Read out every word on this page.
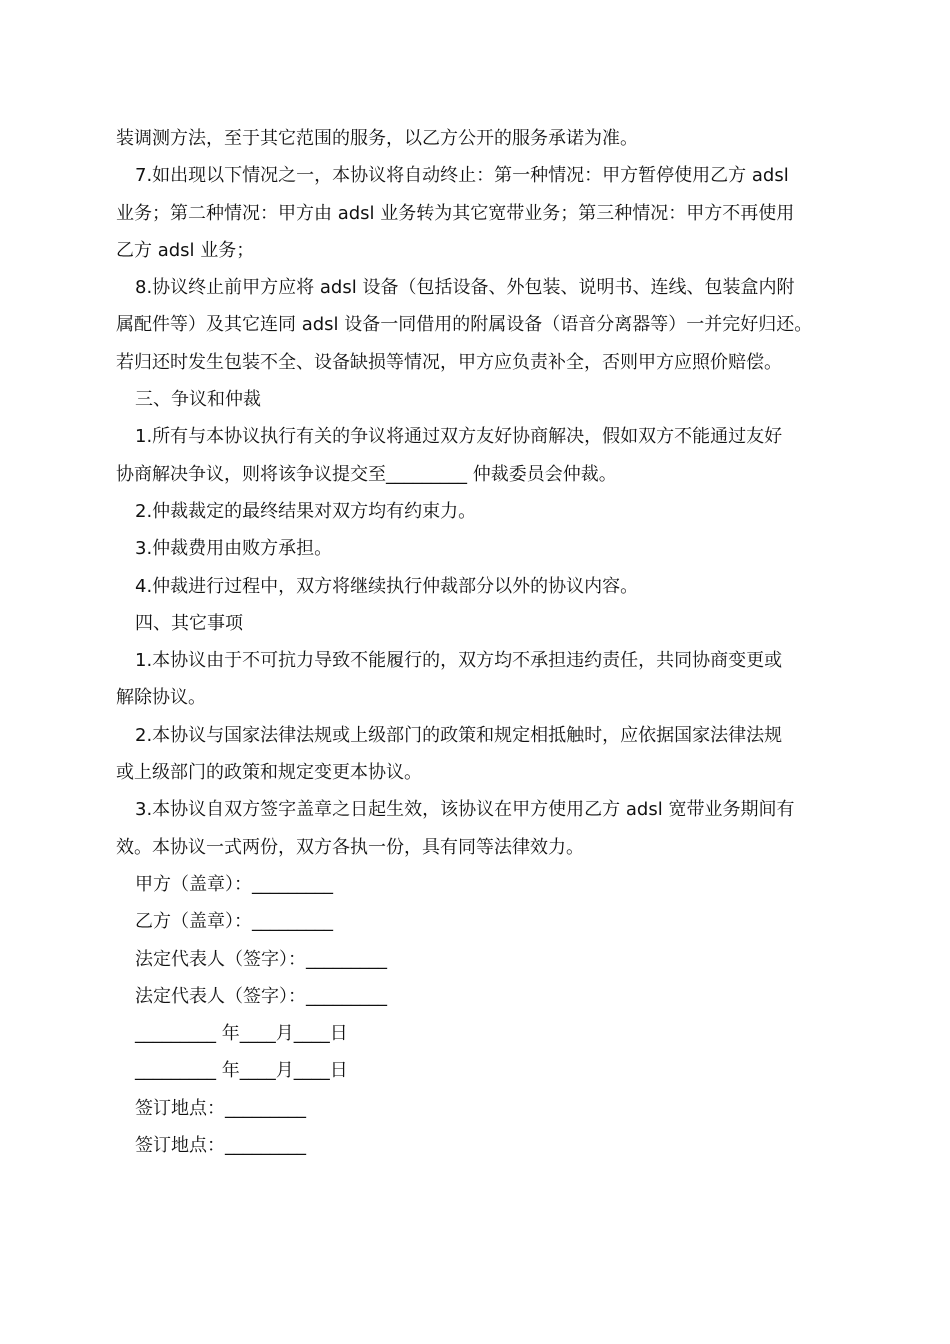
装调测方法，至于其它范围的服务，以乙方公开的服务承诺为准。
7.如出现以下情况之一，本协议将自动终止：第一种情况：甲方暂停使用乙方 adsl
业务；第二种情况：甲方由 adsl 业务转为其它宽带业务；第三种情况：甲方不再使用
乙方 adsl 业务；
8.协议终止前甲方应将 adsl 设备（包括设备、外包装、说明书、连线、包装盒内附
属配件等）及其它连同 adsl 设备一同借用的附属设备（语音分离器等）一并完好归还。
若归还时发生包装不全、设备缺损等情况，甲方应负责补全，否则甲方应照价赔偿。
三、争议和仲裁
1.所有与本协议执行有关的争议将通过双方友好协商解决，假如双方不能通过友好
协商解决争议，则将该争议提交至_________ 仲裁委员会仲裁。
2.仲裁裁定的最终结果对双方均有约束力。
3.仲裁费用由败方承担。
4.仲裁进行过程中，双方将继续执行仲裁部分以外的协议内容。
四、其它事项
1.本协议由于不可抗力导致不能履行的，双方均不承担违约责任，共同协商变更或
解除协议。
2.本协议与国家法律法规或上级部门的政策和规定相抵触时，应依据国家法律法规
或上级部门的政策和规定变更本协议。
3.本协议自双方签字盖章之日起生效，该协议在甲方使用乙方 adsl 宽带业务期间有
效。本协议一式两份，双方各执一份，具有同等法律效力。
甲方（盖章）：_________
乙方（盖章）：_________
法定代表人（签字）：_________
法定代表人（签字）：_________
_________ 年____月____日
_________ 年____月____日
签订地点：_________
签订地点：_________
